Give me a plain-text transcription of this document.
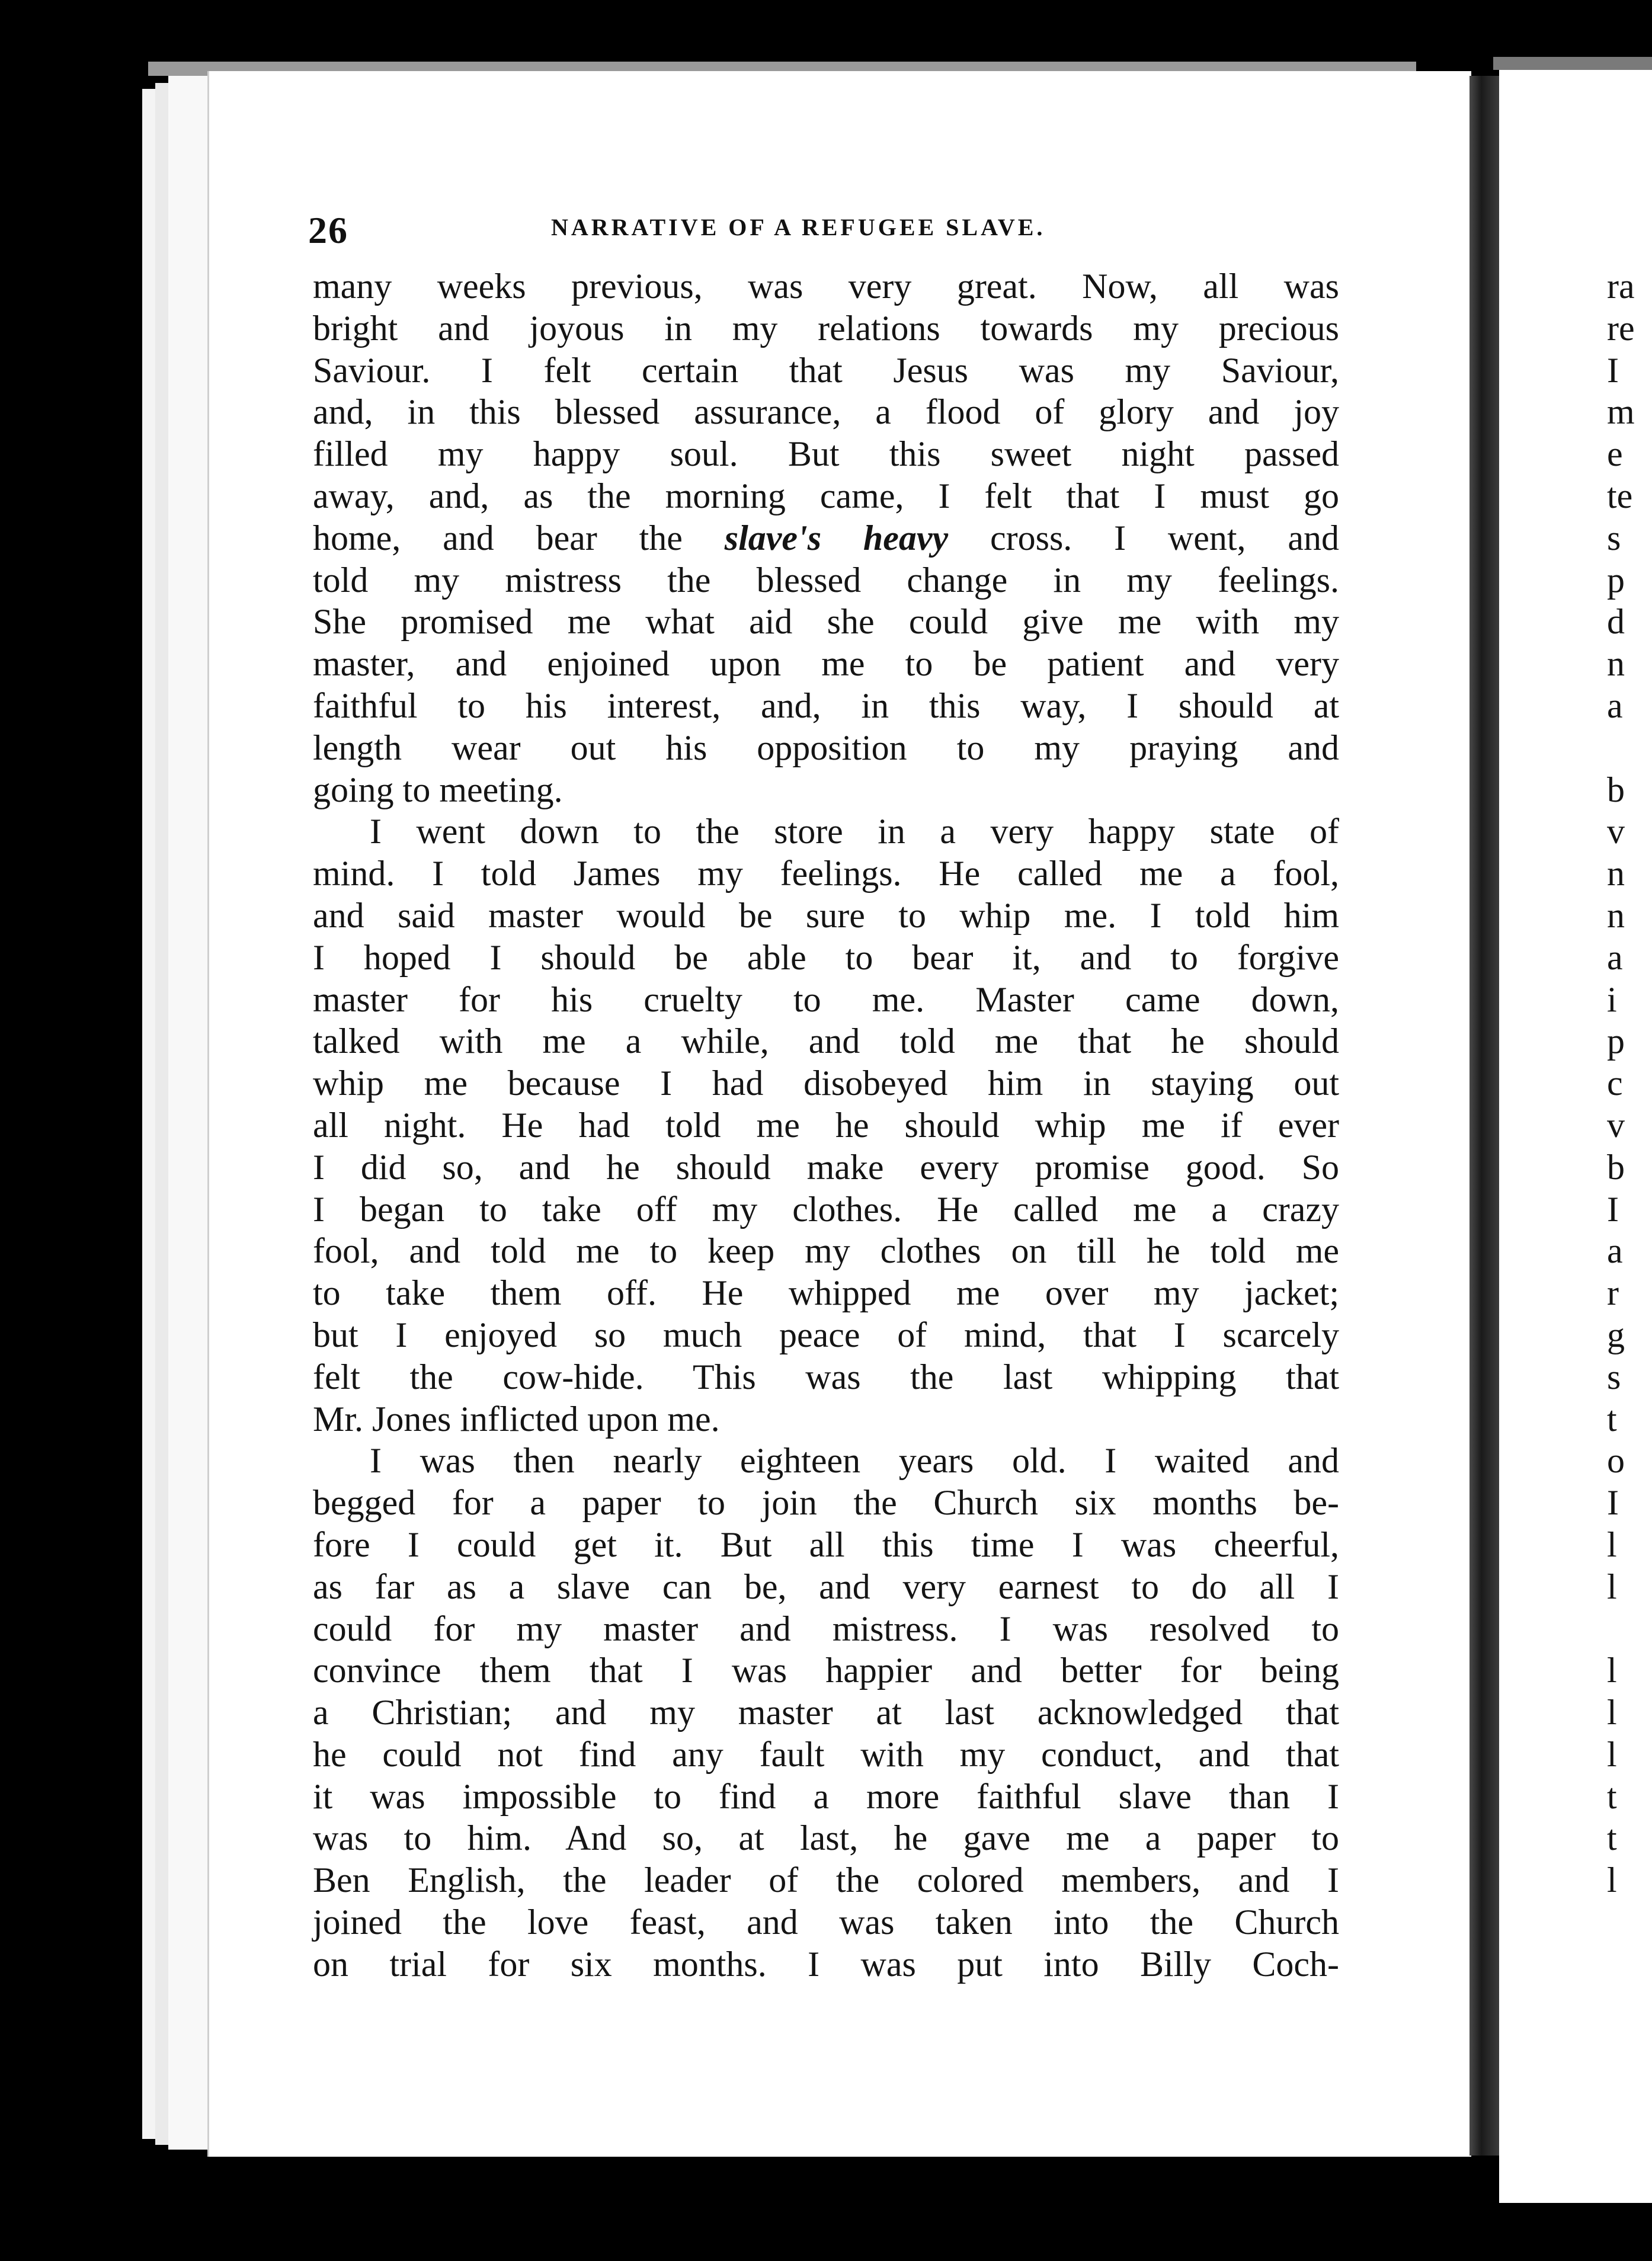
26	NARRATIVE OF A REFUGEE SLAVE.
many weeks previous, was very great. Now, all was
bright and joyous in my relations towards my precious
Saviour. I felt certain that Jesus was my Saviour,
and, in this blessed assurance, a flood of glory and joy
filled my happy soul. But this sweet night passed
away, and, as the morning came, I felt that I must go
home, and bear the slave's heavy cross. I went, and
told my mistress the blessed change in my feelings.
She promised me what aid she could give me with my
master, and enjoined upon me to be patient and very
faithful to his interest, and, in this way, I should at
length wear out his opposition to my praying and
going to meeting.
I went down to the store in a very happy state of
mind. I told James my feelings. He called me a fool,
and said master would be sure to whip me. I told him
I hoped I should be able to bear it, and to forgive
master for his cruelty to me. Master came down,
talked with me a while, and told me that he should
whip me because I had disobeyed him in staying out
all night. He had told me he should whip me if ever
I did so, and he should make every promise good. So
I began to take off my clothes. He called me a crazy
fool, and told me to keep my clothes on till he told me
to take them off. He whipped me over my jacket;
but I enjoyed so much peace of mind, that I scarcely
felt the cow-hide. This was the last whipping that
Mr. Jones inflicted upon me.
I was then nearly eighteen years old. I waited and
begged for a paper to join the Church six months be-
fore I could get it. But all this time I was cheerful,
as far as a slave can be, and very earnest to do all I
could for my master and mistress. I was resolved to
convince them that I was happier and better for being
a Christian; and my master at last acknowledged that
he could not find any fault with my conduct, and that
it was impossible to find a more faithful slave than I
was to him. And so, at last, he gave me a paper to
Ben English, the leader of the colored members, and I
joined the love feast, and was taken into the Church
on trial for six months. I was put into Billy Coch-
ra
re
I
m
e
te
s
p
d
n
a
b
v
n
n
a
i
p
c
v
b
I
a
r
g
s
t
o
I
l
l
l
l
l
t
t
l
